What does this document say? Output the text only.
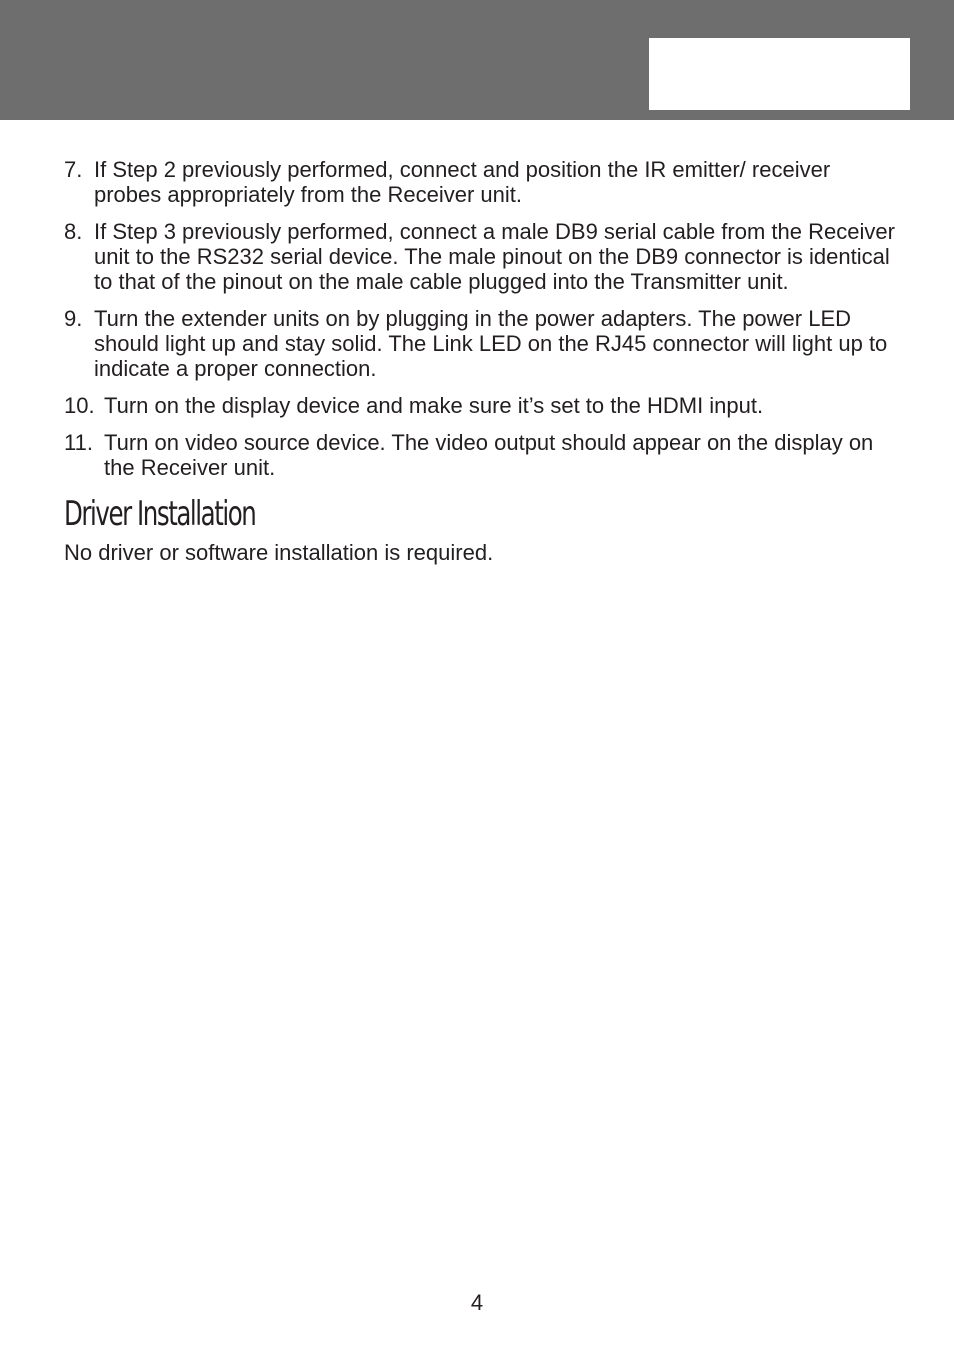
7. If Step 2 previously performed, connect and position the IR emitter/ receiver probes appropriately from the Receiver unit.
8. If Step 3 previously performed, connect a male DB9 serial cable from the Receiver unit to the RS232 serial device. The male pinout on the DB9 connector is identical to that of the pinout on the male cable plugged into the Transmitter unit.
9. Turn the extender units on by plugging in the power adapters. The power LED should light up and stay solid. The Link LED on the RJ45 connector will light up to indicate a proper connection.
10. Turn on the display device and make sure it’s set to the HDMI input.
11. Turn on video source device. The video output should appear on the display on the Receiver unit.
Driver Installation

No driver or software installation is required.

4
